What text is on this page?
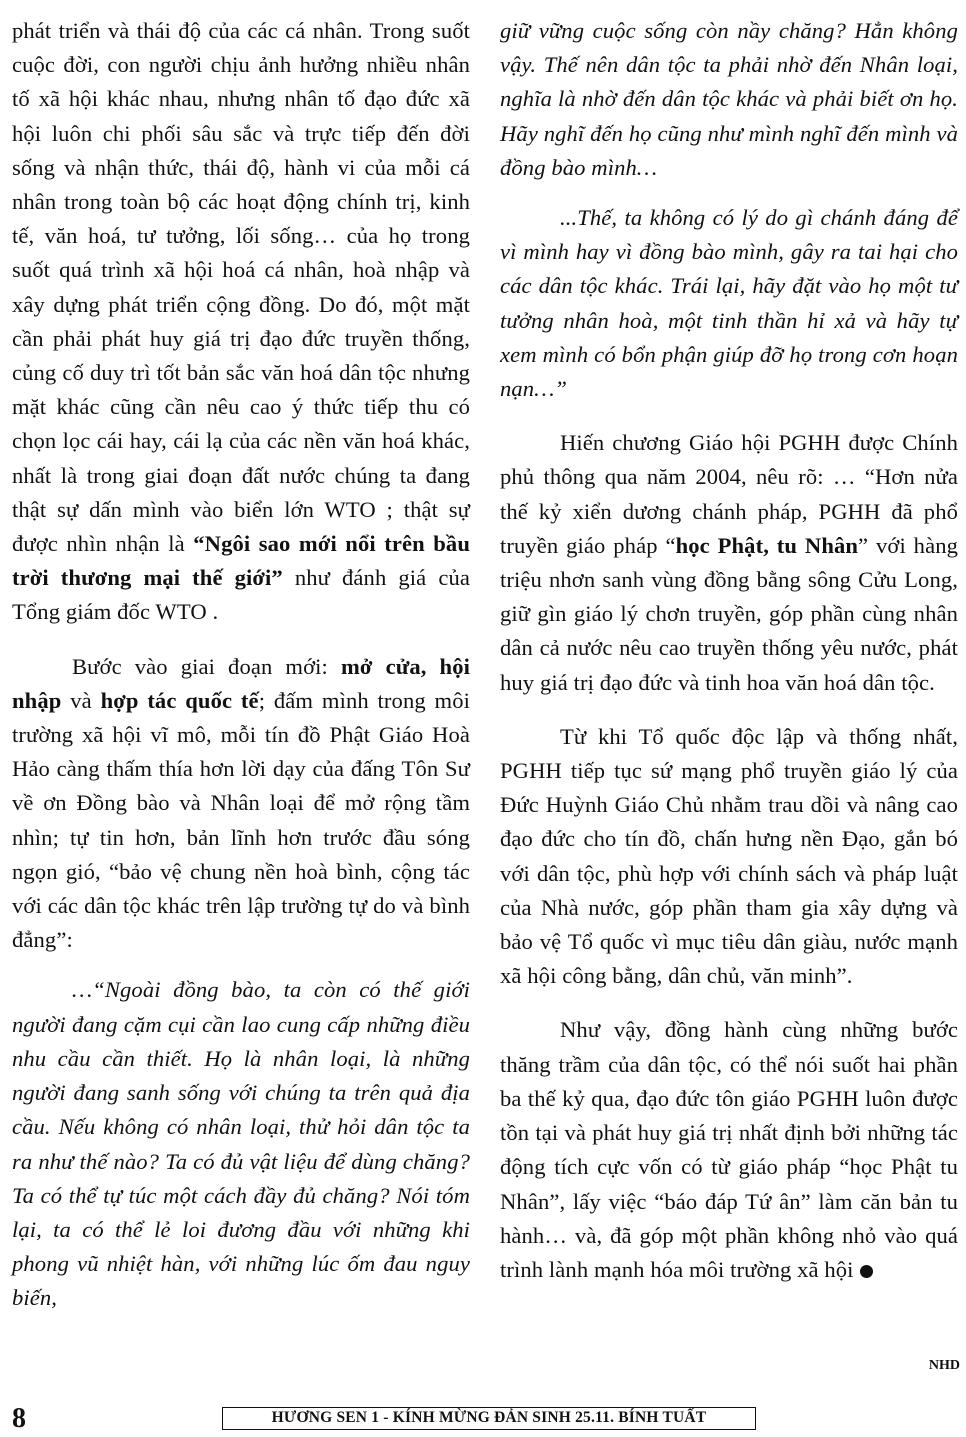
phát triển và thái độ của các cá nhân. Trong suốt cuộc đời, con người chịu ảnh hưởng nhiều nhân tố xã hội khác nhau, nhưng nhân tố đạo đức xã hội luôn chi phối sâu sắc và trực tiếp đến đời sống và nhận thức, thái độ, hành vi của mỗi cá nhân trong toàn bộ các hoạt động chính trị, kinh tế, văn hoá, tư tưởng, lối sống… của họ trong suốt quá trình xã hội hoá cá nhân, hoà nhập và xây dựng phát triển cộng đồng. Do đó, một mặt cần phải phát huy giá trị đạo đức truyền thống, củng cố duy trì tốt bản sắc văn hoá dân tộc nhưng mặt khác cũng cần nêu cao ý thức tiếp thu có chọn lọc cái hay, cái lạ của các nền văn hoá khác, nhất là trong giai đoạn đất nước chúng ta đang thật sự dấn mình vào biển lớn WTO ; thật sự được nhìn nhận là “Ngôi sao mới nổi trên bầu trời thương mại thế giới” như đánh giá của Tổng giám đốc WTO .

Bước vào giai đoạn mới: mở cửa, hội nhập và hợp tác quốc tế; đấm mình trong môi trường xã hội vĩ mô, mỗi tín đồ Phật Giáo Hoà Hảo càng thấm thía hơn lời dạy của đấng Tôn Sư về ơn Đồng bào và Nhân loại để mở rộng tầm nhìn; tự tin hơn, bản lĩnh hơn trước đầu sóng ngọn gió, “bảo vệ chung nền hoà bình, cộng tác với các dân tộc khác trên lập trường tự do và bình đẳng”:

…“Ngoài đồng bào, ta còn có thế giới người đang cặm cụi cần lao cung cấp những điều nhu cầu cần thiết. Họ là nhân loại, là những người đang sanh sống với chúng ta trên quả địa cầu. Nếu không có nhân loại, thử hỏi dân tộc ta ra như thế nào? Ta có đủ vật liệu để dùng chăng? Ta có thể tự túc một cách đầy đủ chăng? Nói tóm lại, ta có thể lẻ loi đương đầu với những khi phong vũ nhiệt hàn, với những lúc ốm đau nguy biến,

giữ vững cuộc sống còn nầy chăng? Hẳn không vậy. Thế nên dân tộc ta phải nhờ đến Nhân loại, nghĩa là nhờ đến dân tộc khác và phải biết ơn họ. Hãy nghĩ đến họ cũng như mình nghĩ đến mình và đồng bào mình…

...Thế, ta không có lý do gì chánh đáng để vì mình hay vì đồng bào mình, gây ra tai hại cho các dân tộc khác. Trái lại, hãy đặt vào họ một tư tưởng nhân hoà, một tinh thần hỉ xả và hãy tự xem mình có bổn phận giúp đỡ họ trong cơn hoạn nạn…”

Hiến chương Giáo hội PGHH được Chính phủ thông qua năm 2004, nêu rõ: … “Hơn nửa thế kỷ xiển dương chánh pháp, PGHH đã phổ truyền giáo pháp “học Phật, tu Nhân” với hàng triệu nhơn sanh vùng đồng bằng sông Cửu Long, giữ gìn giáo lý chơn truyền, góp phần cùng nhân dân cả nước nêu cao truyền thống yêu nước, phát huy giá trị đạo đức và tinh hoa văn hoá dân tộc.

Từ khi Tổ quốc độc lập và thống nhất, PGHH tiếp tục sứ mạng phổ truyền giáo lý của Đức Huỳnh Giáo Chủ nhằm trau dồi và nâng cao đạo đức cho tín đồ, chấn hưng nền Đạo, gắn bó với dân tộc, phù hợp với chính sách và pháp luật của Nhà nước, góp phần tham gia xây dựng và bảo vệ Tổ quốc vì mục tiêu dân giàu, nước mạnh xã hội công bằng, dân chủ, văn minh”.

Như vậy, đồng hành cùng những bước thăng trầm của dân tộc, có thể nói suốt hai phần ba thế kỷ qua, đạo đức tôn giáo PGHH luôn được tồn tại và phát huy giá trị nhất định bởi những tác động tích cực vốn có từ giáo pháp “học Phật tu Nhân”, lấy việc “báo đáp Tứ ân” làm căn bản tu hành… và, đã góp một phần không nhỏ vào quá trình lành mạnh hóa môi trường xã hội

NHD
8	HƯƠNG SEN 1 - KÍNH MỪNG ĐẢN SINH 25.11. BÍNH TUẤT
